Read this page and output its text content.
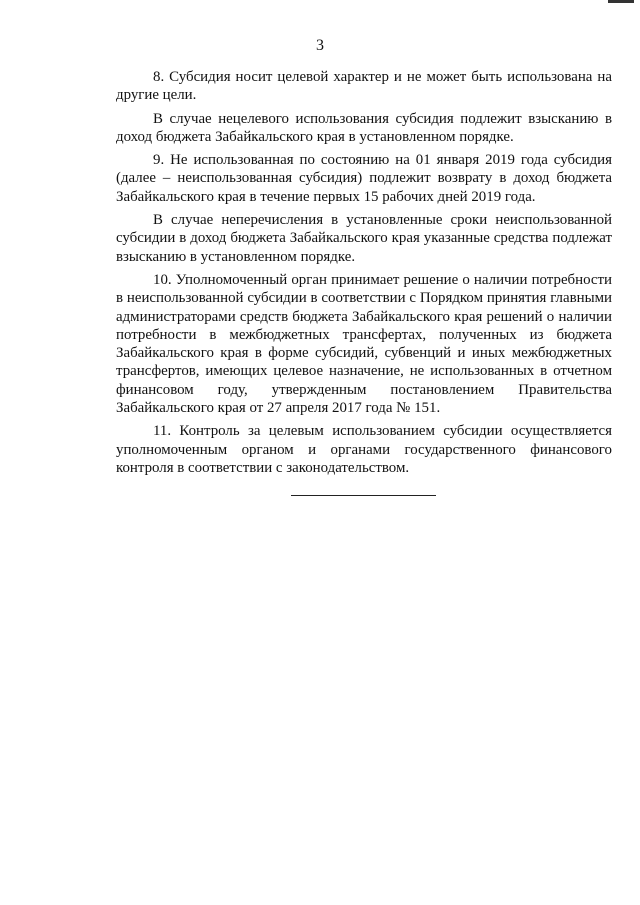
3

8. Субсидия носит целевой характер и не может быть использована на другие цели.

В случае нецелевого использования субсидия подлежит взысканию в доход бюджета Забайкальского края в установленном порядке.

9. Не использованная по состоянию на 01 января 2019 года субсидия (далее – неиспользованная субсидия) подлежит возврату в доход бюджета Забайкальского края в течение первых 15 рабочих дней 2019 года.

В случае неперечисления в установленные сроки неиспользованной субсидии в доход бюджета Забайкальского края указанные средства подлежат взысканию в установленном порядке.

10. Уполномоченный орган принимает решение о наличии потребности в неиспользованной субсидии в соответствии с Порядком принятия главными администраторами средств бюджета Забайкальского края решений о наличии потребности в межбюджетных трансфертах, полученных из бюджета Забайкальского края в форме субсидий, субвенций и иных межбюджетных трансфертов, имеющих целевое назначение, не использованных в отчетном финансовом году, утвержденным постановлением Правительства Забайкальского края от 27 апреля 2017 года № 151.

11. Контроль за целевым использованием субсидии осуществляется уполномоченным органом и органами государственного финансового контроля в соответствии с законодательством.
